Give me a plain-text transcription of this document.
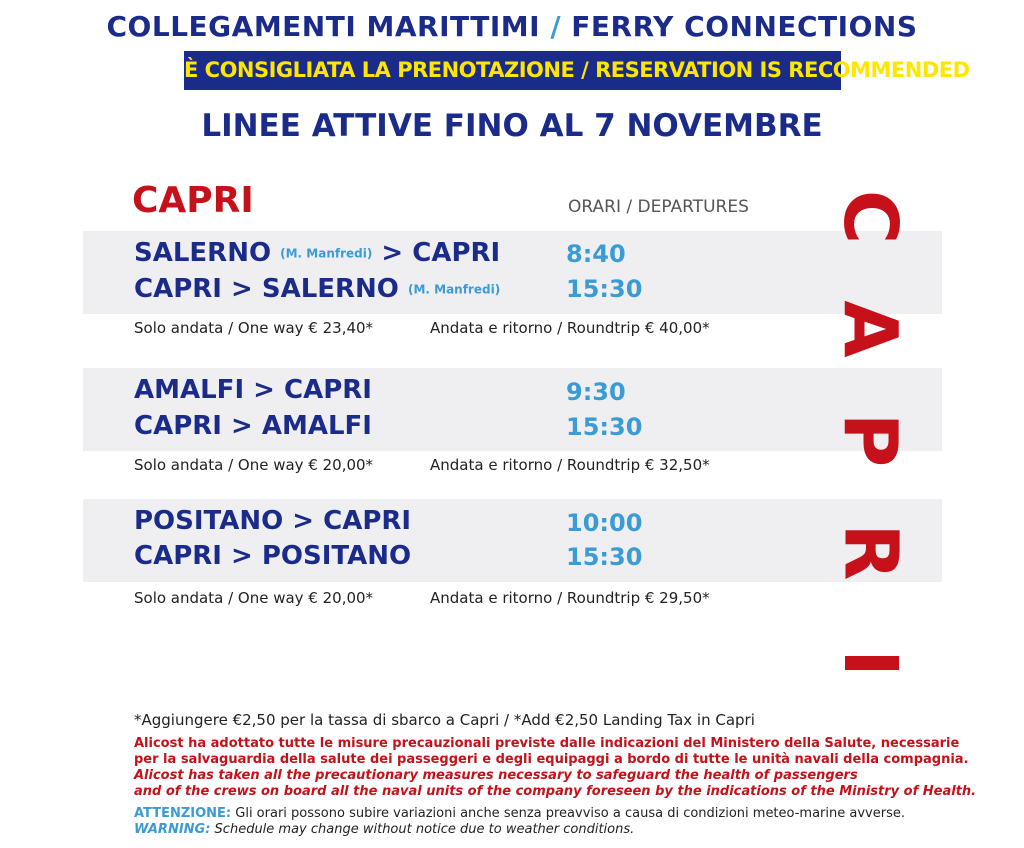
COLLEGAMENTI MARITTIMI / FERRY CONNECTIONS
È CONSIGLIATA LA PRENOTAZIONE / RESERVATION IS RECOMMENDED
LINEE ATTIVE FINO AL 7 NOVEMBRE
CAPRI	ORARI / DEPARTURES
SALERNO (M. Manfredi) > CAPRI	8:40
CAPRI > SALERNO (M. Manfredi)	15:30
Solo andata / One way € 23,40*	Andata e ritorno / Roundtrip € 40,00*
AMALFI > CAPRI	9:30
CAPRI > AMALFI	15:30
Solo andata / One way € 20,00*	Andata e ritorno / Roundtrip € 32,50*
POSITANO > CAPRI	10:00
CAPRI > POSITANO	15:30
Solo andata / One way € 20,00*	Andata e ritorno / Roundtrip € 29,50*
C
A
P
R
I
*Aggiungere €2,50 per la tassa di sbarco a Capri / *Add €2,50 Landing Tax in Capri
Alicost ha adottato tutte le misure precauzionali previste dalle indicazioni del Ministero della Salute, necessarie
per la salvaguardia della salute dei passeggeri e degli equipaggi a bordo di tutte le unità navali della compagnia.
Alicost has taken all the precautionary measures necessary to safeguard the health of passengers
and of the crews on board all the naval units of the company foreseen by the indications of the Ministry of Health.
ATTENZIONE: Gli orari possono subire variazioni anche senza preavviso a causa di condizioni meteo-marine avverse.
WARNING: Schedule may change without notice due to weather conditions.
